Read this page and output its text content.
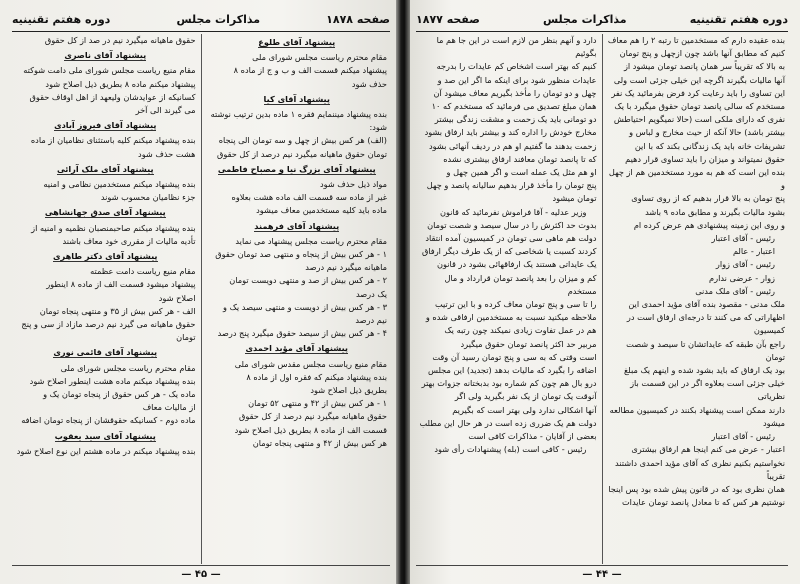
صفحه ۱۸۷۸
مذاکرات مجلس
دوره هفتم تقنینیه

پیشنهاد آقای طلوع

مقام محترم ریاست مجلس شورای ملی

پیشنهاد میکنم قسمت الف و ب و ج از ماده ۸

حذف شود

پیشنهاد آقای کیا

بنده پیشنهاد میننمایم فقره ۱ ماده بدین ترتیب نوشته

شود:

(الف) هر کس بیش از چهل و سه تومان الی پنجاه

تومان حقوق ماهیانه میگیرد نیم درصد از کل حقوق

پیشنهاد آقای بزرگ نیا و مصباح فاطمی

مواد ذیل حذف شود

غیر از ماده سه قسمت الف ماده هشت بعلاوه

ماده باید کلیه مستخدمین معاف میشود

پیشنهاد آقای فرهمند

مقام محترم ریاست مجلس پیشنهاد می نماید

۱ - هر کس بیش از پنجاه و منتهی صد تومان حقوق

ماهیانه میگیرد نیم درصد

۲ - هر کس بیش از صد و منتهی دویست تومان

یک درصد

۳ - هر کس بیش از دویست و منتهی سیصد یک و

نیم درصد

۴ - هر کس بیش از سیصد حقوق میگیرد پنج درصد

پیشنهاد آقای مؤید احمدی

مقام منیع ریاست مجلس مقدس شورای ملی

بنده پیشنهاد میکنم که فقره اول از ماده ۸

بطریق ذیل اصلاح شود

۱ - هر کس بیش از ۴۲ و منتهی ۵۲ تومان

حقوق ماهیانه میگیرد نیم درصد از کل حقوق

قسمت الف از ماده ۸ بطریق ذیل اصلاح شود

هر کس بیش از ۴۲ و منتهی پنجاه تومان

حقوق ماهیانه میگیرد نیم در صد از کل حقوق

پیشنهاد آقای ناصری

مقام منیع ریاست مجلس شورای ملی دامت شوکته

پیشنهاد میکنم ماده ۸ بطریق ذیل اصلاح شود

کسانیکه از عوایدشان ولیعهد از اهل اوقاف حقوق

می گیرند الی آخر

پیشنهاد آقای فیروز آبادی

بنده پیشنهاد میکنم کلیه باستثنای نظامیان از ماده

هشت حذف شود

پیشنهاد آقای ملک آرائی

بنده پیشنهاد میکنم مستخدمین نظامی و امنیه

جزء نظامیان محسوب شوند

پیشنهاد آقای صدق جهانشاهی

بنده پیشنهاد میکنم صاحبمنصبان نظمیه و امنیه از

تأدیه مالیات از مقرری خود معاف باشند

پیشنهاد آقای دکتر طاهری

مقام منیع ریاست دامت عظمته

پیشنهاد میشود قسمت الف از ماده ۸ اینطور

اصلاح شود

الف - هر کس بیش از ۳۵ و منتهی پنجاه تومان

حقوق ماهیانه می گیرد نیم درصد مازاد از سی و پنج

تومان

پیشنهاد آقای قائمی نوری

مقام محترم ریاست مجلس شورای ملی

بنده پیشنهاد میکنم ماده هشت اینطور اصلاح شود

ماده یک - هر کس حقوق از پنجاه تومان یک و

از مالیات معاف

ماده دوم - کسانیکه حقوقشان از پنجاه تومان اضافه

پیشنهاد آقای سید یعقوب

بنده پیشنهاد میکنم در ماده هشتم این نوع اصلاح شود

— ۴۵ —
دوره هفتم تقنینیه
مذاکرات مجلس
صفحه ۱۸۷۷

بنده عقیده دارم که مستخدمین تا رتبه ۲ را هم معاف

کنیم که مطابق آنها باشد چون ازچهل و پنج تومان

به بالا که تقریباً سر همان پانصد تومان میشود از

آنها مالیات بگیرند اگرچه این خیلی جزئی است ولی

این تساوی را باید رعایت کرد فرض بفرمائید یک نفر

مستخدم که سالی پانصد تومان حقوق میگیرد با یک

نفری که دارای ملکی است (حالا نمیگویم احتیاطش

بیشتر باشد) حالا آنکه از حیث مخارج و لباس و

تشریفات خانه باید یک زندگانی بکند که با این

حقوق نمیتواند و میزان را باید تساوی قرار دهیم

بنده این است که هم به مورد مستخدمین هم از چهل و

پنج تومان به بالا قرار بدهیم که از روی تساوی

بشود مالیات بگیرند و مطابق ماده ۹ باشد

و روی این زمینه پیشنهادی هم عرض کرده ام

رئیس - آقای اعتبار

اعتبار - عالم

رئیس - آقای زوار

زوار - عرضی ندارم

رئیس - آقای ملک مدنی

ملک مدنی - مقصود بنده آقای مؤید احمدی این

اظهاراتی که می کنند تا درجه‌ای ارفاق است در کمیسیون

راجع بآن طبقه که عایداتشان تا سیصد و شصت تومان

بود یک ارفاق که باید بشود شده و اینهم یک مبلغ

خیلی جزئی است بعلاوه اگر در این قسمت باز نظریاتی

دارند ممکن است پیشنهاد بکنند در کمیسیون مطالعه میشود

رئیس - آقای اعتبار

اعتبار - عرض می کنم اینجا هم ارفاق بیشتری

نخواستیم بکنیم نظری که آقای مؤید احمدی داشتند تقریباً

همان نظری بود که در قانون پیش شده بود پس اینجا

نوشتیم هر کس که تا معادل پانصد تومان عایدات

دارد و آنهم بنظر من لازم است در این جا هم ما بگوئیم

کنیم که بهتر است اشخاص کم عایدات را بدرجه

عایدات منظور شود برای اینکه ما اگر این صد و

چهل و دو تومان را مأخذ بگیریم معاف میشود آن

همان مبلغ تصدیق می فرمائید که مستخدم که ۱۰

دو تومانی باید یک زحمت و مشقت زندگی بیشتر

مخارج خودش را اداره کند و بیشتر باید ارفاق بشود

زحمت بدهند ما گفتیم او هم در ردیف آنهائی بشود

که تا پانصد تومان معافند ارفاق بیشتری نشده

او هم مثل یک عمله است و اگر همین چهل و

پنج تومان را مأخذ قرار بدهیم سالیانه پانصد و چهل

تومان میشود

وزیر عدلیه - آقا فراموش نفرمائید که قانون

بدوت حد اکثرش را در سال سیصد و شصت تومان

دولت هم ماهی سی تومان در کمیسیون آمده انتقاد

کردند کسبت یا شخاصی که از یک طرف دیگر ارفاق

یک عایداتی هستند یک ارفاقهائی بشود در قانون

کم و میزان را بعد پانصد تومان قرارداد و مال مستخدم

را تا سی و پنج تومان معاف کرده و با این ترتیب

ملاحظه میکنید نسبت به مستخدمین ارفاقی شده و

هم در عمل تفاوت زیادی نمیکند چون رتبه یک

مربیر حد اکثر پانصد تومان حقوق میگیرد

است وقتی که به سی و پنج تومان رسید آن وقت

اضافه را بگیرد که مالیات بدهد (تجدید) این مجلس

درو بال هم چون کم شماره بود بدبختانه جزوات بهتر

آنوقت یک تومان از یک نفر بگیرید ولی اگر

آنها اشکالی ندارد ولی بهتر است که بگیریم

دولت هم یک ضرری زده است در هر حال این مطلب

بعضی از آقایان - مذاکرات کافی است

رئیس - کافی است (بله) پیشنهادات رأی شود

— ۴۴ —
